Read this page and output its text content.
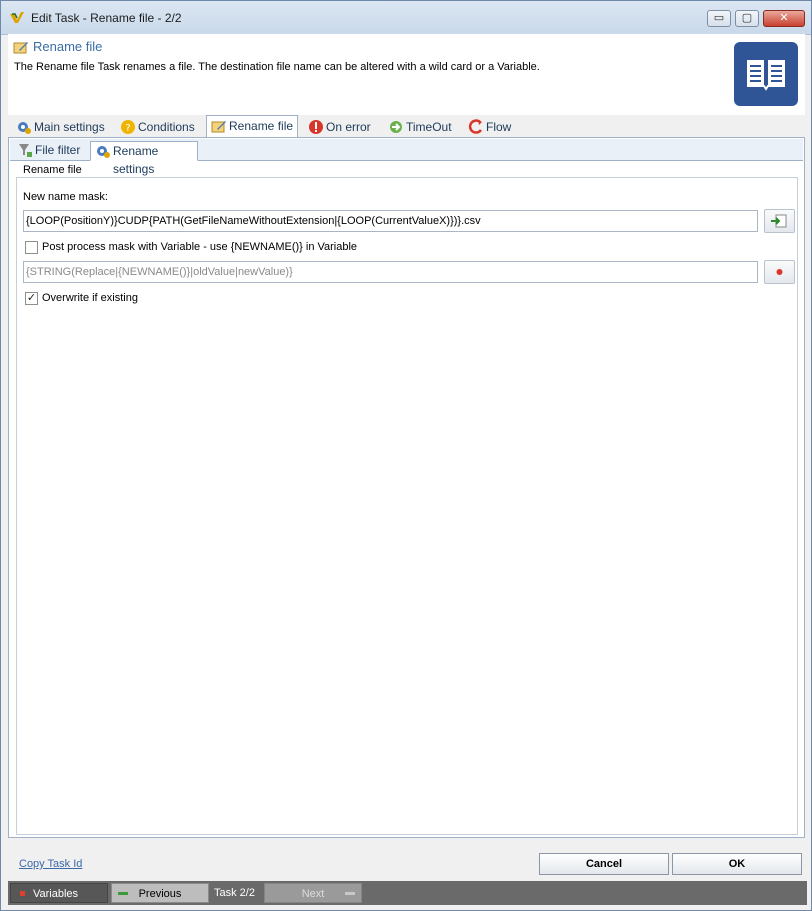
Edit Task - Rename file - 2/2	▭	▢	✕
Rename file
The Rename file Task renames a file. The destination file name can be altered with a wild card or a Variable.
Main settings	? Conditions	Rename file	On error	TimeOut	Flow
File filter	Rename settings
Rename file
New name mask:
{LOOP(PositionY)}CUDP{PATH(GetFileNameWithoutExtension|{LOOP(CurrentValueX)})}.csv
Post process mask with Variable - use {NEWNAME()} in Variable
{STRING(Replace|{NEWNAME()}|oldValue|newValue)}
✓ Overwrite if existing
Copy Task Id	Cancel	OK
Variables	Previous	Task 2/2	Next
